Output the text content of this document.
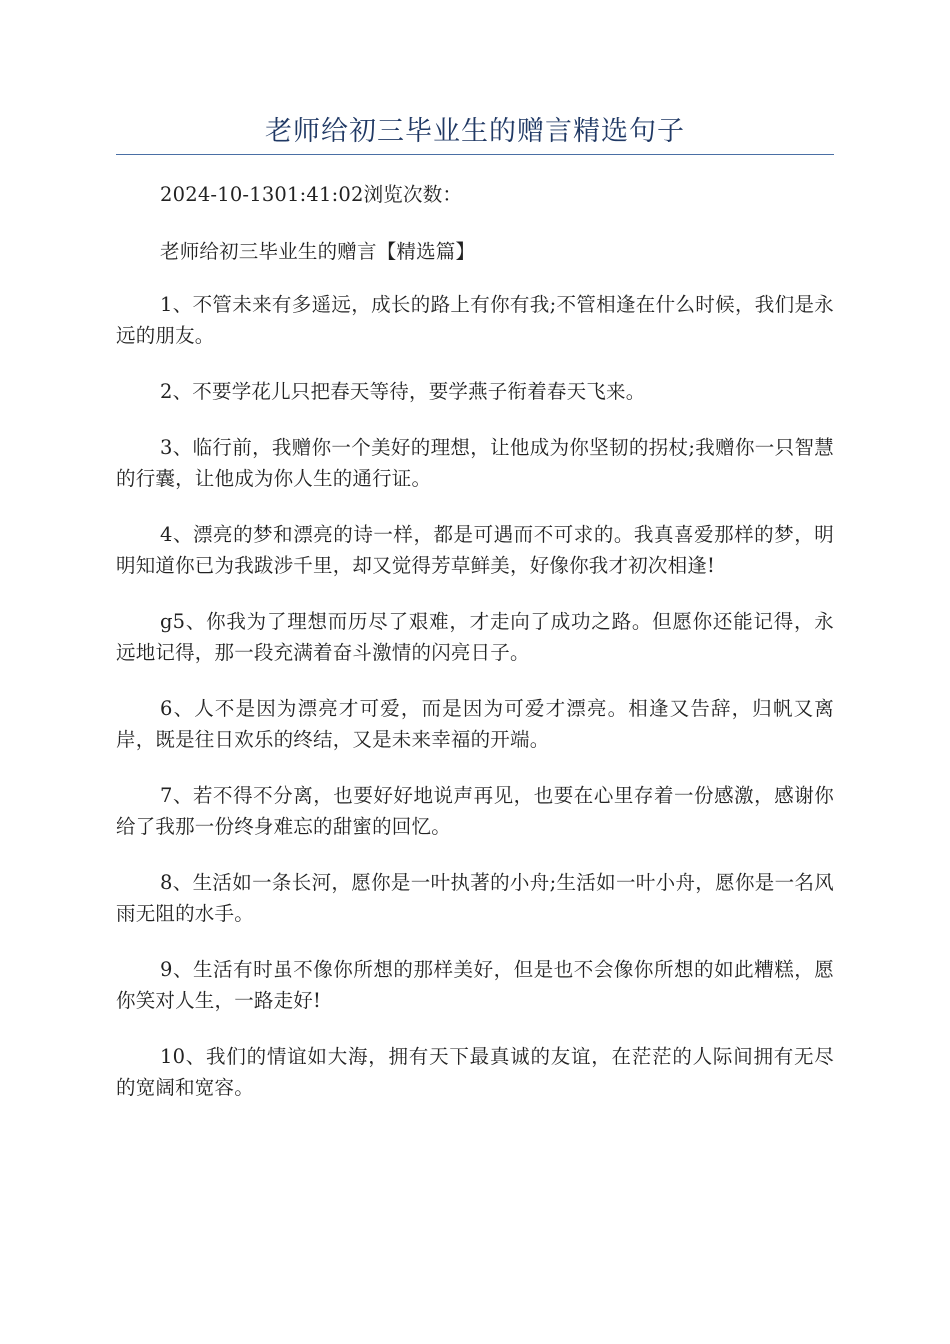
老师给初三毕业生的赠言精选句子
2024-10-1301:41:02浏览次数：
老师给初三毕业生的赠言【精选篇】

1、不管未来有多遥远，成长的路上有你有我;不管相逢在什么时候，我们是永远的朋友。

2、不要学花儿只把春天等待，要学燕子衔着春天飞来。

3、临行前，我赠你一个美好的理想，让他成为你坚韧的拐杖;我赠你一只智慧的行囊，让他成为你人生的通行证。

4、漂亮的梦和漂亮的诗一样，都是可遇而不可求的。我真喜爱那样的梦，明明知道你已为我跋涉千里，却又觉得芳草鲜美，好像你我才初次相逢!

g5、你我为了理想而历尽了艰难，才走向了成功之路。但愿你还能记得，永远地记得，那一段充满着奋斗激情的闪亮日子。

6、人不是因为漂亮才可爱，而是因为可爱才漂亮。相逢又告辞，归帆又离岸，既是往日欢乐的终结，又是未来幸福的开端。

7、若不得不分离，也要好好地说声再见，也要在心里存着一份感激，感谢你给了我那一份终身难忘的甜蜜的回忆。

8、生活如一条长河，愿你是一叶执著的小舟;生活如一叶小舟，愿你是一名风雨无阻的水手。

9、生活有时虽不像你所想的那样美好，但是也不会像你所想的如此糟糕，愿你笑对人生，一路走好!

10、我们的情谊如大海，拥有天下最真诚的友谊，在茫茫的人际间拥有无尽的宽阔和宽容。
